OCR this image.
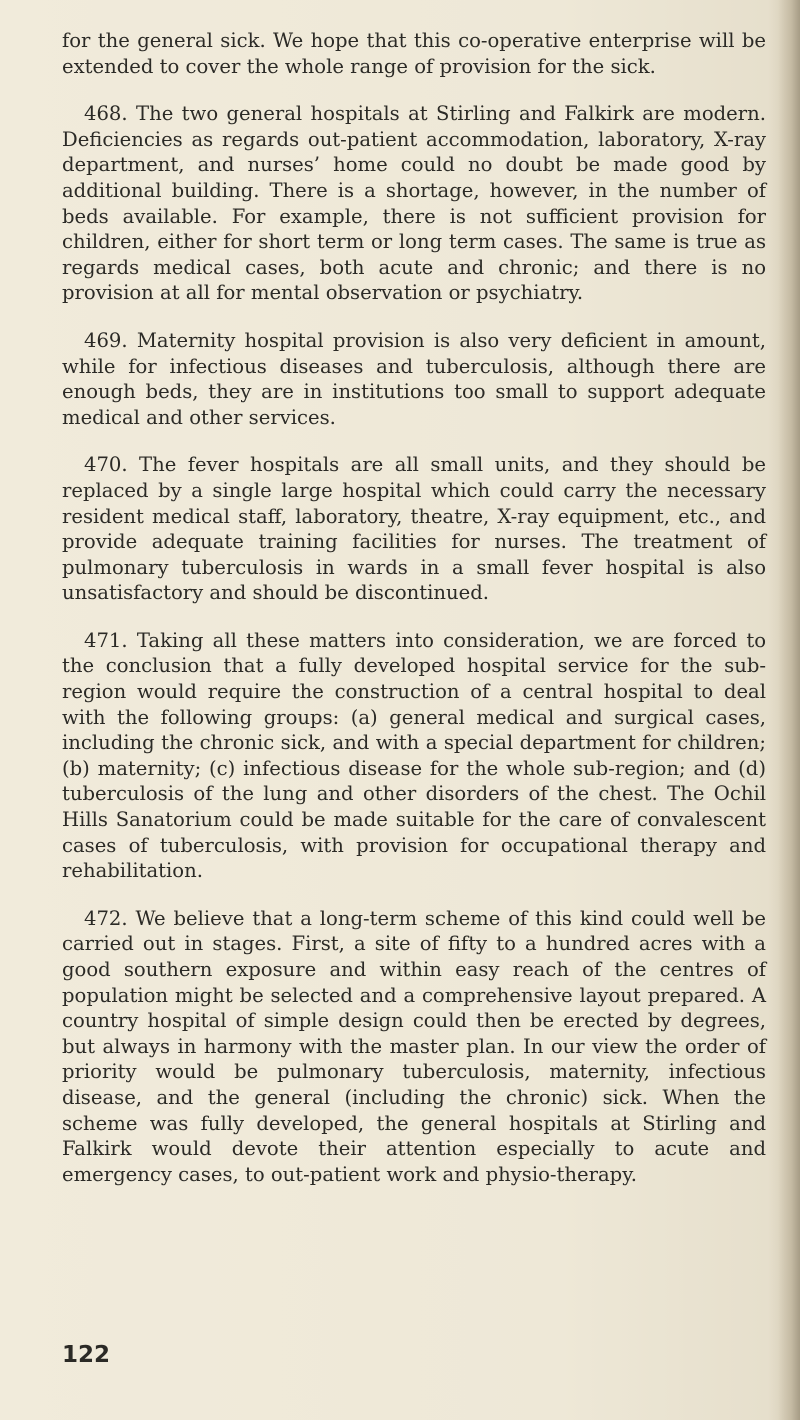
for the general sick. We hope that this co-operative enterprise will be extended to cover the whole range of provision for the sick.

468. The two general hospitals at Stirling and Falkirk are modern. Deficiencies as regards out-patient accommodation, laboratory, X-ray department, and nurses’ home could no doubt be made good by additional building. There is a shortage, however, in the number of beds available. For example, there is not sufficient provision for children, either for short term or long term cases. The same is true as regards medical cases, both acute and chronic; and there is no provision at all for mental observation or psychiatry.

469. Maternity hospital provision is also very deficient in amount, while for infectious diseases and tuberculosis, although there are enough beds, they are in institutions too small to support adequate medical and other services.

470. The fever hospitals are all small units, and they should be replaced by a single large hospital which could carry the necessary resident medical staff, laboratory, theatre, X-ray equipment, etc., and provide adequate training facilities for nurses. The treatment of pulmonary tuberculosis in wards in a small fever hospital is also unsatisfactory and should be discontinued.

471. Taking all these matters into consideration, we are forced to the conclusion that a fully developed hospital service for the sub-region would require the construction of a central hospital to deal with the following groups: (a) general medical and surgical cases, including the chronic sick, and with a special department for children; (b) maternity; (c) infectious disease for the whole sub-region; and (d) tuberculosis of the lung and other disorders of the chest. The Ochil Hills Sanatorium could be made suitable for the care of convalescent cases of tuberculosis, with provision for occupational therapy and rehabilitation.

472. We believe that a long-term scheme of this kind could well be carried out in stages. First, a site of fifty to a hundred acres with a good southern exposure and within easy reach of the centres of population might be selected and a comprehensive layout prepared. A country hospital of simple design could then be erected by degrees, but always in harmony with the master plan. In our view the order of priority would be pulmonary tuberculosis, maternity, infectious disease, and the general (including the chronic) sick. When the scheme was fully developed, the general hospitals at Stirling and Falkirk would devote their attention especially to acute and emergency cases, to out-patient work and physio-therapy.

122
